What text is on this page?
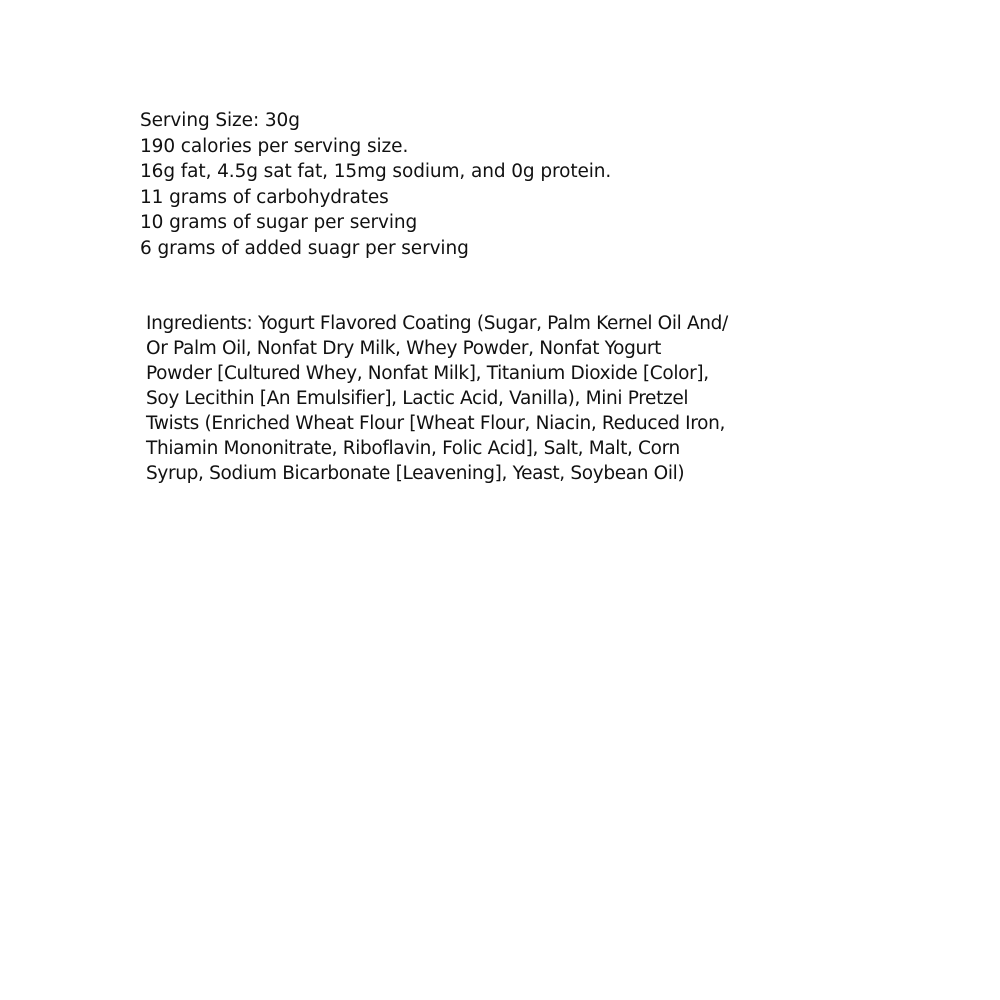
Serving Size: 30g
190 calories per serving size.
16g fat, 4.5g sat fat, 15mg sodium, and 0g protein.
11 grams of carbohydrates
10 grams of sugar per serving
6 grams of added suagr per serving
Ingredients: Yogurt Flavored Coating (Sugar, Palm Kernel Oil And/
Or Palm Oil, Nonfat Dry Milk, Whey Powder, Nonfat Yogurt
Powder [Cultured Whey, Nonfat Milk], Titanium Dioxide [Color],
Soy Lecithin [An Emulsifier], Lactic Acid, Vanilla), Mini Pretzel
Twists (Enriched Wheat Flour [Wheat Flour, Niacin, Reduced Iron,
Thiamin Mononitrate, Riboflavin, Folic Acid], Salt, Malt, Corn
Syrup, Sodium Bicarbonate [Leavening], Yeast, Soybean Oil)
